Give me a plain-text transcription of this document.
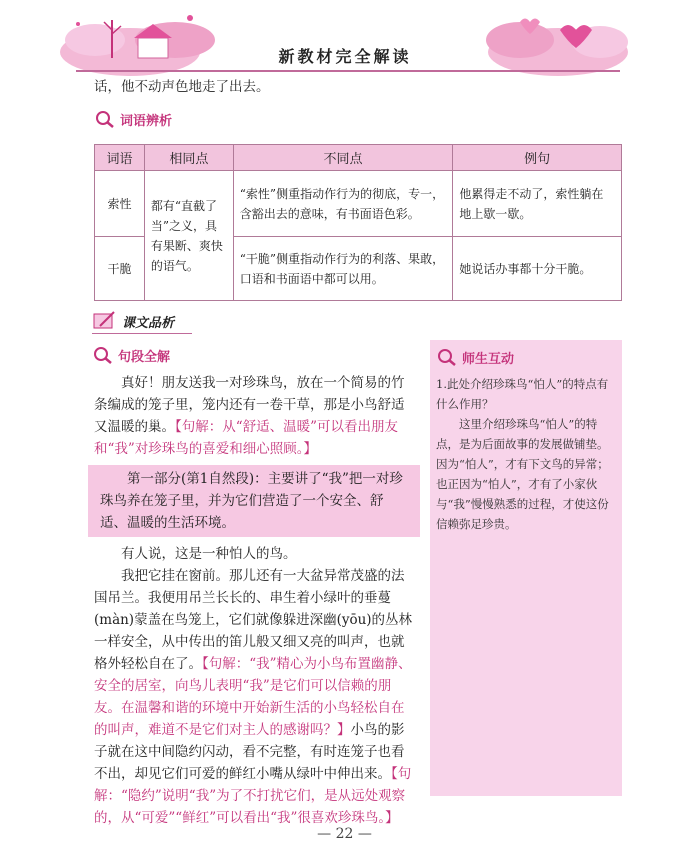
新教材完全解读
话，他不动声色地走了出去。
词语辨析
词语	相同点	不同点	例句
索性	都有“直截了当”之义，具有果断、爽快的语气。	“索性”侧重指动作行为的彻底，专一，含豁出去的意味，有书面语色彩。	他累得走不动了，索性躺在地上歇一歇。
干脆		“干脆”侧重指动作行为的利落、果敢，口语和书面语中都可以用。	她说话办事都十分干脆。
课文品析
句段全解
真好！朋友送我一对珍珠鸟，放在一个简易的竹条编成的笼子里，笼内还有一卷干草，那是小鸟舒适又温暖的巢。【句解：从“舒适、温暖”可以看出朋友和“我”对珍珠鸟的喜爱和细心照顾。】
第一部分(第1自然段)：主要讲了“我”把一对珍珠鸟养在笼子里，并为它们营造了一个安全、舒适、温暖的生活环境。
有人说，这是一种怕人的鸟。
我把它挂在窗前。那儿还有一大盆异常茂盛的法国吊兰。我便用吊兰长长的、串生着小绿叶的垂蔓(màn)蒙盖在鸟笼上，它们就像躲进深幽(yōu)的丛林一样安全，从中传出的笛儿般又细又亮的叫声，也就格外轻松自在了。【句解：“我”精心为小鸟布置幽静、安全的居室，向鸟儿表明“我”是它们可以信赖的朋友。在温馨和谐的环境中开始新生活的小鸟轻松自在的叫声，难道不是它们对主人的感谢吗？】小鸟的影子就在这中间隐约闪动，看不完整，有时连笼子也看不出，却见它们可爱的鲜红小嘴从绿叶中伸出来。【句解：“隐约”说明“我”为了不打扰它们，是从远处观察的，从“可爱”“鲜红”可以看出“我”很喜欢珍珠鸟。】
师生互动
1.此处介绍珍珠鸟“怕人”的特点有什么作用？
这里介绍珍珠鸟“怕人”的特点，是为后面故事的发展做铺垫。因为“怕人”，才有下文鸟的异常；也正因为“怕人”，才有了小家伙与“我”慢慢熟悉的过程，才使这份信赖弥足珍贵。
— 22 —
